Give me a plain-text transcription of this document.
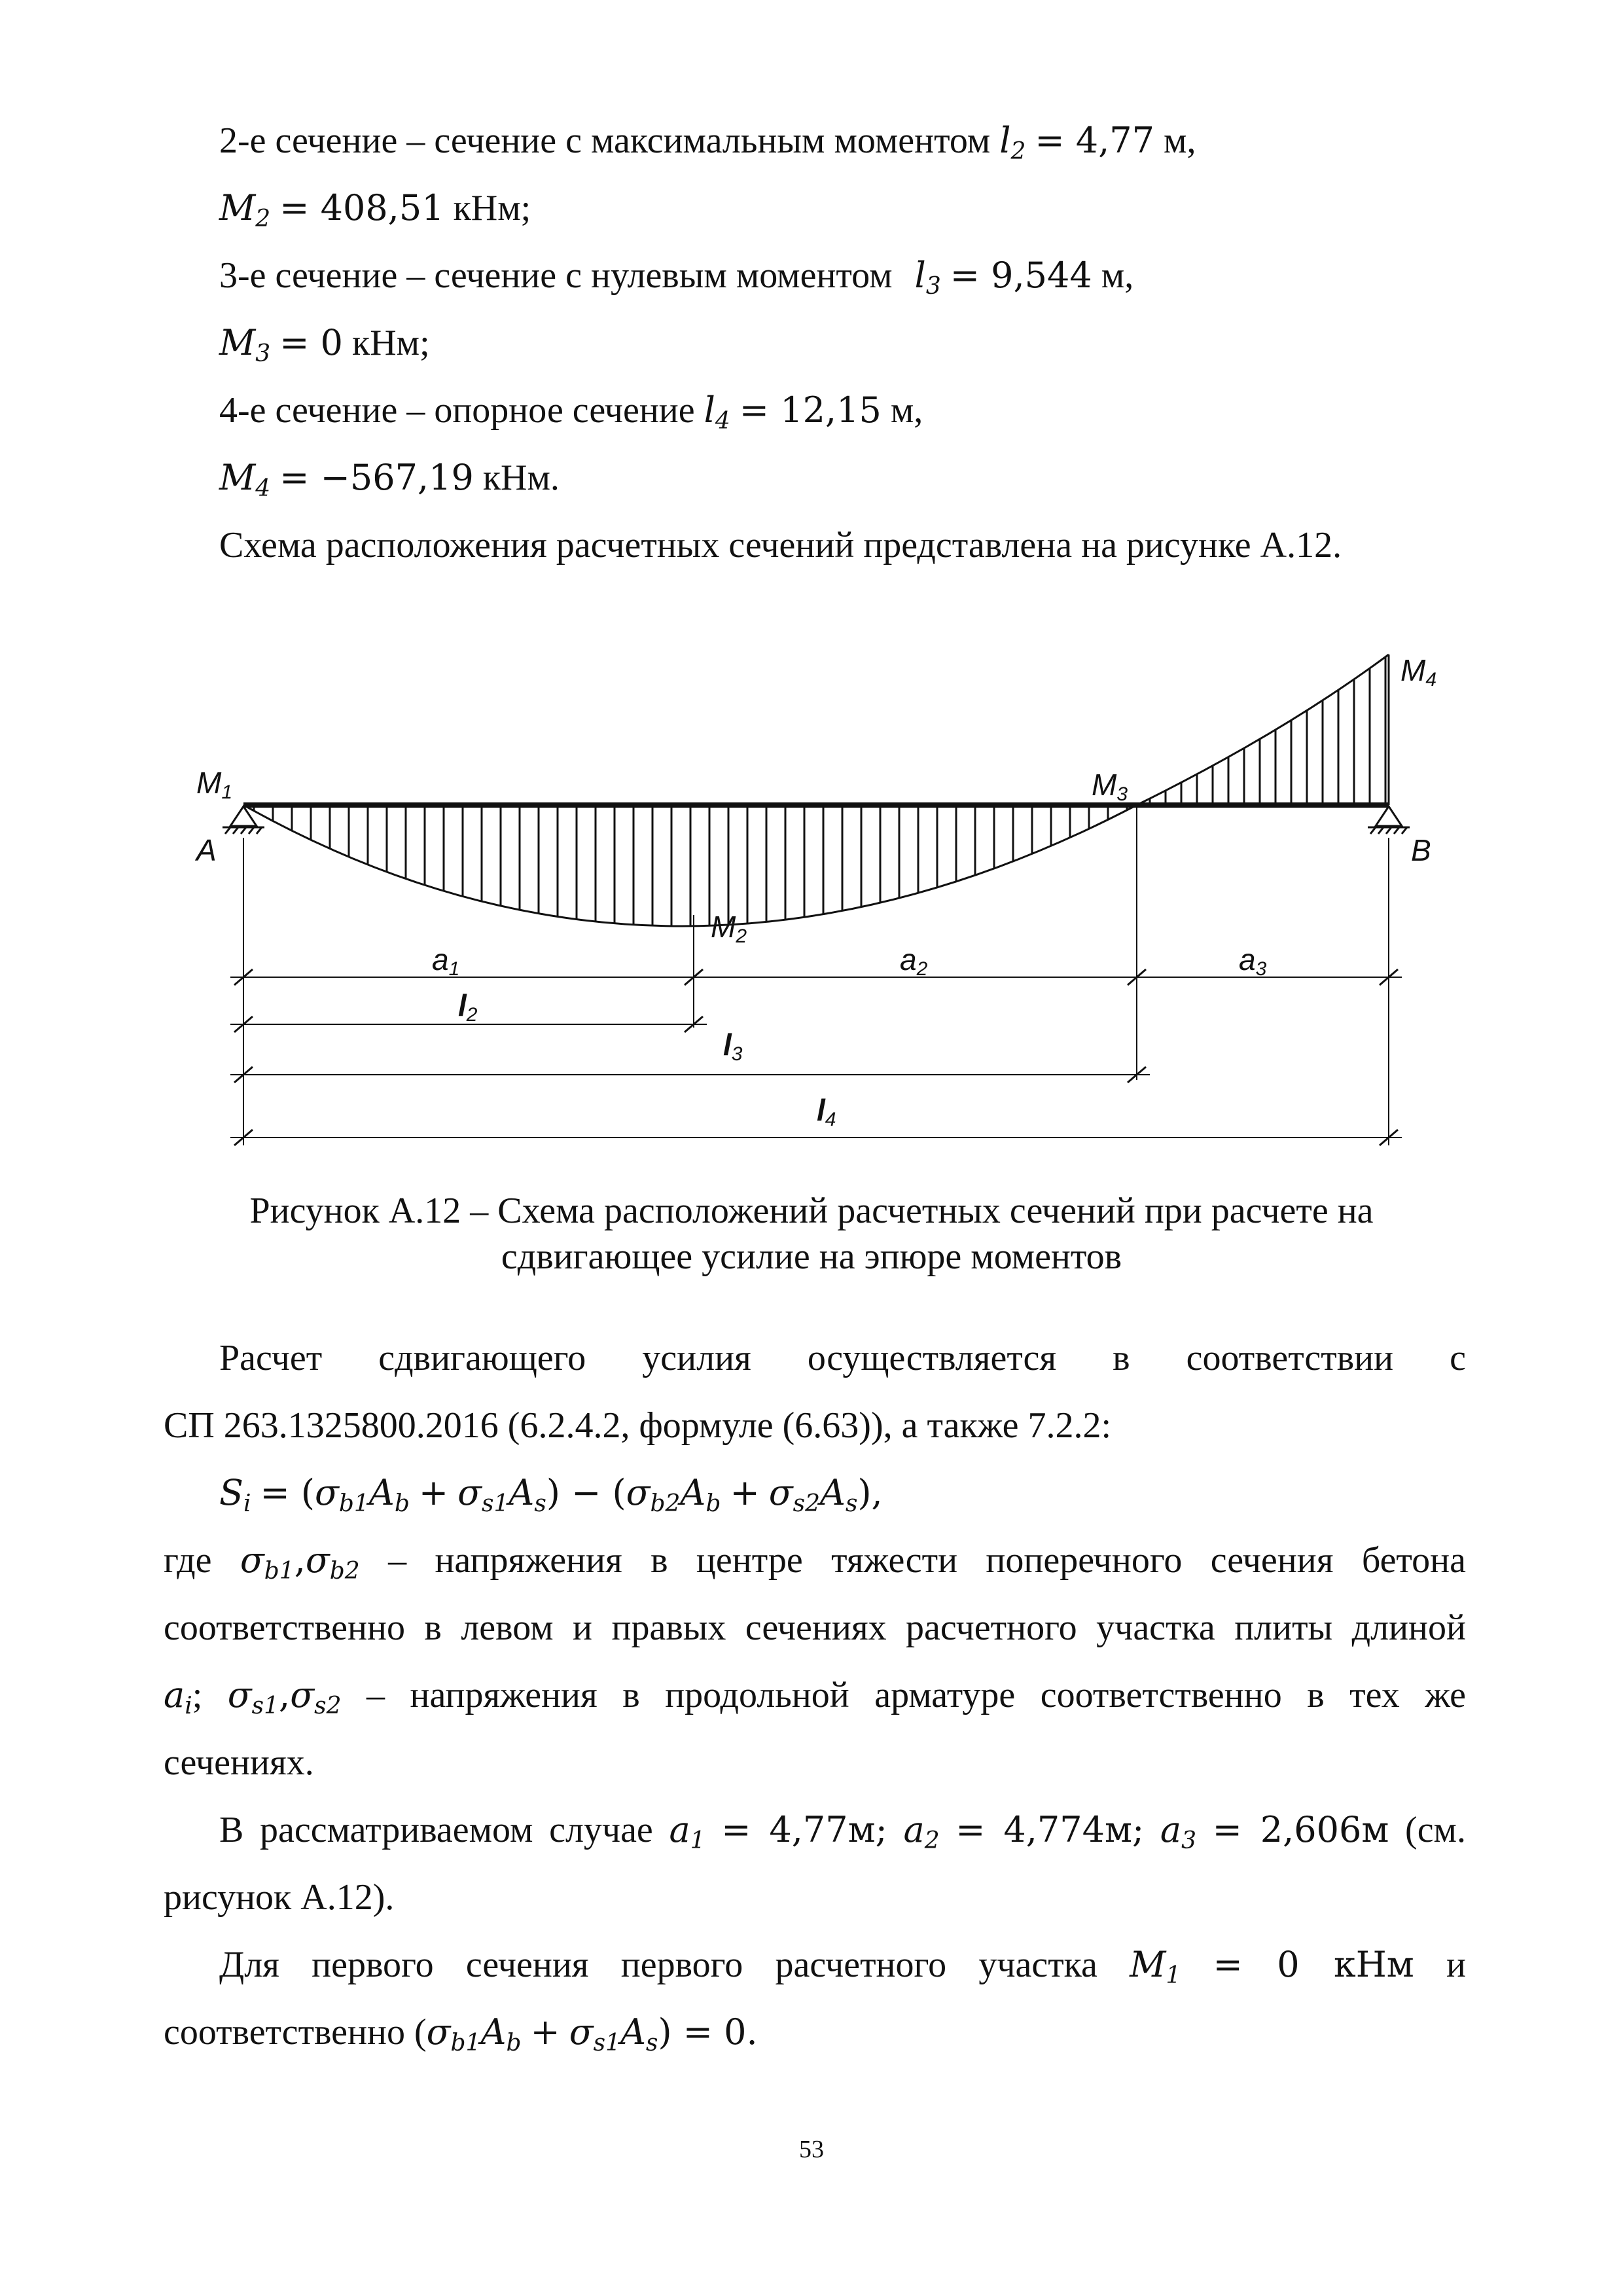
2-е сечение – сечение с максимальным моментом $l_2 = 4,77$ м,
$M_2 = 408,51$ кНм;
3-е сечение – сечение с нулевым моментом $l_3 = 9,544$ м,
$M_3 = 0$ кНм;
4-е сечение – опорное сечение $l_4 = 12,15$ м,
$M_4 = -567,19$ кНм.
Схема расположения расчетных сечений представлена на рисунке А.12.
M1
A
M2
M3
M4
B
a1	a2	a3
l2
l3
l4
Рисунок А.12 – Схема расположений расчетных сечений при расчете на
сдвигающее усилие на эпюре моментов
Расчет сдвигающего усилия осуществляется в соответствии с
СП 263.1325800.2016 (6.2.4.2, формуле (6.63)), а также 7.2.2:
$S_i = (\sigma_{b1}A_b + \sigma_{s1}A_s) - (\sigma_{b2}A_b + \sigma_{s2}A_s)$,
где $\sigma_{b1},\sigma_{b2}$ – напряжения в центре тяжести поперечного сечения бетона
соответственно в левом и правых сечениях расчетного участка плиты длиной
$a_i$; $\sigma_{s1},\sigma_{s2}$ – напряжения в продольной арматуре соответственно в тех же
сечениях.
В рассматриваемом случае $a_1 = 4,77м$; $a_2 = 4,774м$; $a_3 = 2,606м$ (см.
рисунок А.12).
Для первого сечения первого расчетного участка $M_1 = 0$ кНм и
соответственно $(\sigma_{b1}A_b + \sigma_{s1}A_s) = 0$.
53
